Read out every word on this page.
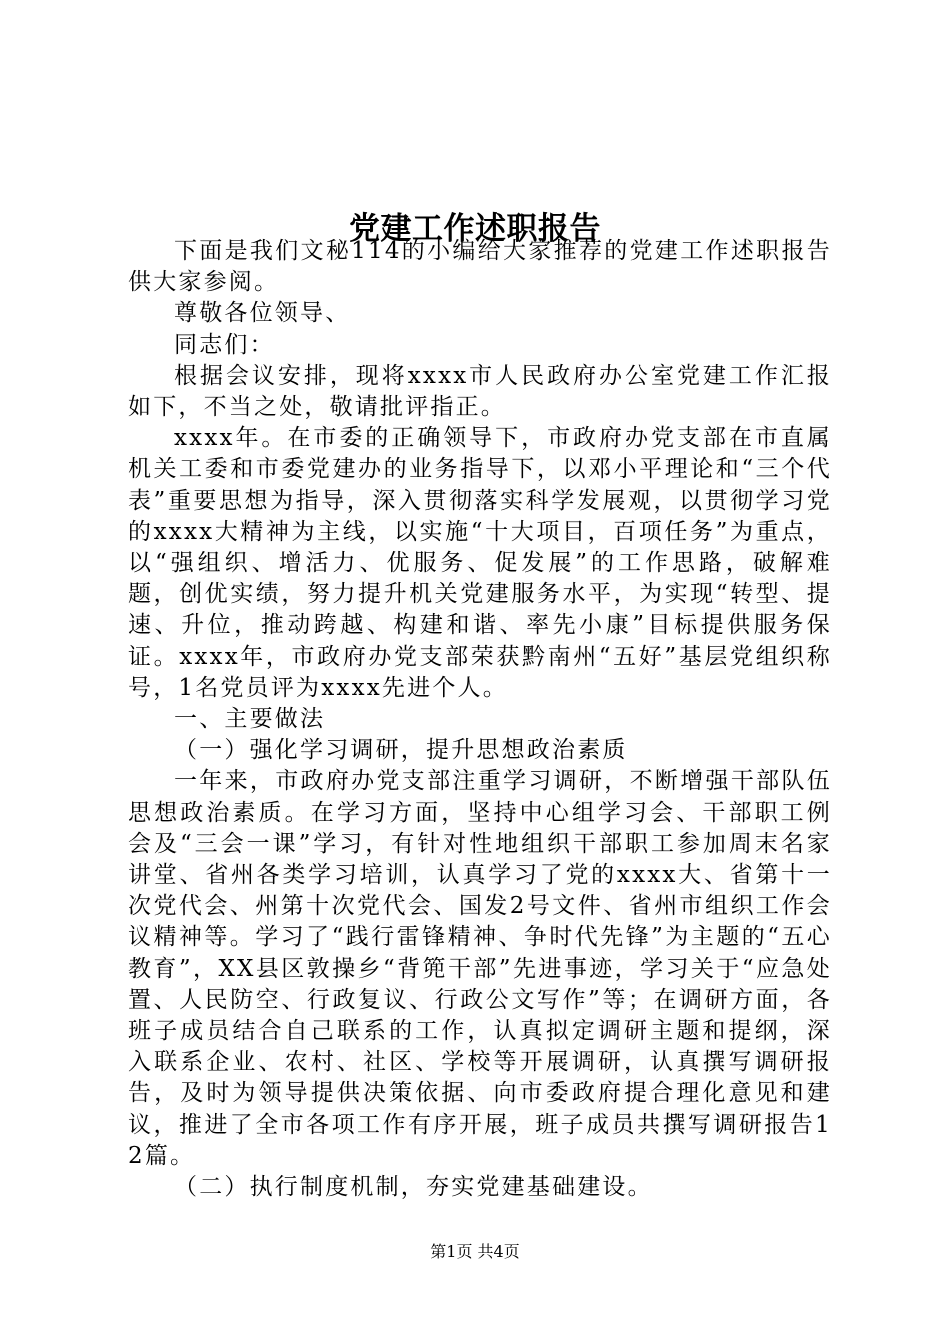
党建工作述职报告

下面是我们文秘114的小编给大家推荐的党建工作述职报告供大家参阅。

尊敬各位领导、

同志们：

根据会议安排，现将xxxx市人民政府办公室党建工作汇报如下，不当之处，敬请批评指正。

xxxx年。在市委的正确领导下，市政府办党支部在市直属机关工委和市委党建办的业务指导下，以邓小平理论和“三个代表”重要思想为指导，深入贯彻落实科学发展观，以贯彻学习党的xxxx大精神为主线，以实施“十大项目，百项任务”为重点，以“强组织、增活力、优服务、促发展”的工作思路，破解难题，创优实绩，努力提升机关党建服务水平，为实现“转型、提速、升位，推动跨越、构建和谐、率先小康”目标提供服务保证。xxxx年，市政府办党支部荣获黔南州“五好”基层党组织称号，1名党员评为xxxx先进个人。

一、主要做法

（一）强化学习调研，提升思想政治素质

一年来，市政府办党支部注重学习调研，不断增强干部队伍思想政治素质。在学习方面，坚持中心组学习会、干部职工例会及“三会一课”学习，有针对性地组织干部职工参加周末名家讲堂、省州各类学习培训，认真学习了党的xxxx大、省第十一次党代会、州第十次党代会、国发2号文件、省州市组织工作会议精神等。学习了“践行雷锋精神、争时代先锋”为主题的“五心教育”，XX县区敦操乡“背篼干部”先进事迹，学习关于“应急处置、人民防空、行政复议、行政公文写作”等；在调研方面，各班子成员结合自己联系的工作，认真拟定调研主题和提纲，深入联系企业、农村、社区、学校等开展调研，认真撰写调研报告，及时为领导提供决策依据、向市委政府提合理化意见和建议，推进了全市各项工作有序开展，班子成员共撰写调研报告12篇。

（二）执行制度机制，夯实党建基础建设。

第1页 共4页
